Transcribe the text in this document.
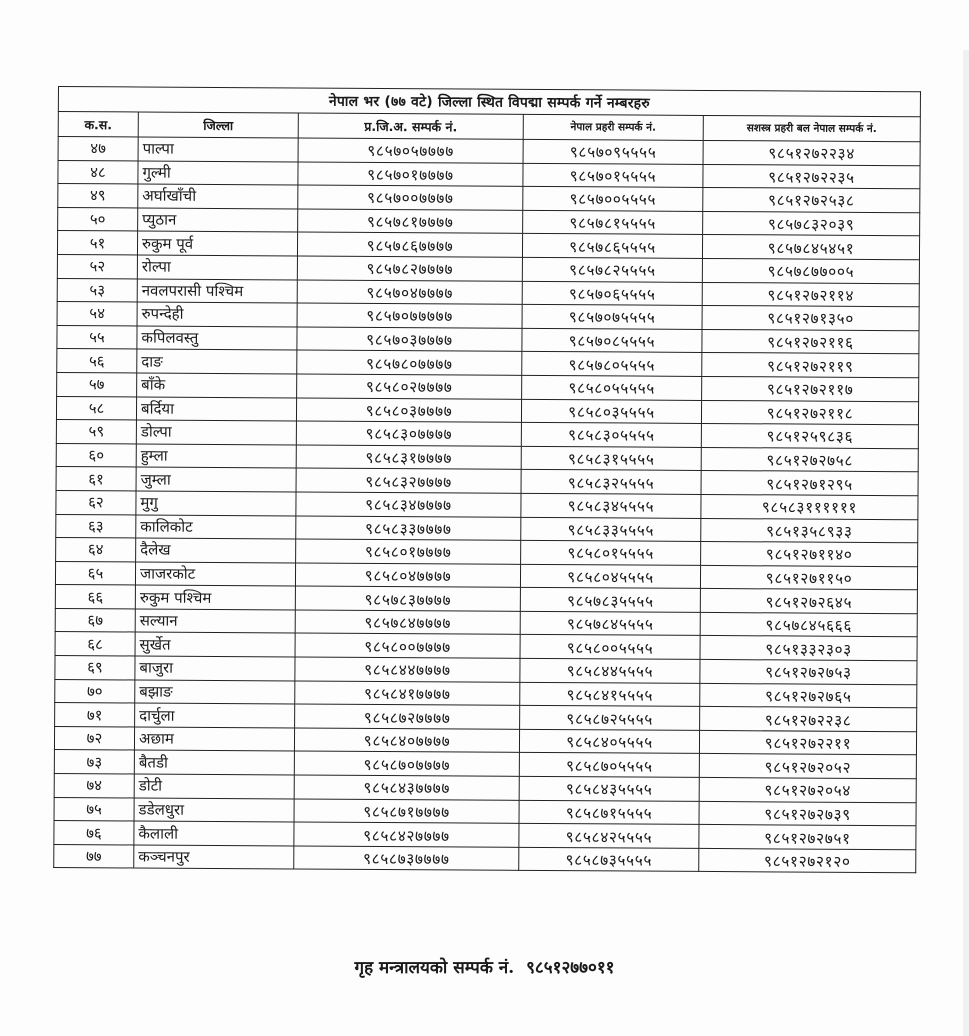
नेपाल भर (७७ वटे) जिल्ला स्थित विपद्मा सम्पर्क गर्ने नम्बरहरु				
क.स.	जिल्ला	प्र.जि.अ. सम्पर्क नं.	नेपाल प्रहरी सम्पर्क नं.	सशस्त्र प्रहरी बल नेपाल सम्पर्क नं.
४७	पाल्पा	९८५७०५७७७७	९८५७०९५५५५	९८५१२७२२३४
४८	गुल्मी	९८५७०१७७७७	९८५७०१५५५५	९८५१२७२२३५
४९	अर्घाखाँची	९८५७००७७७७	९८५७००५५५५	९८५१२७२५३८
५०	प्युठान	९८५७८१७७७७	९८५७८१५५५५	९८५७८३२०३९
५१	रुकुम पूर्व	९८५७८६७७७७	९८५७८६५५५५	९८५७८४५४५१
५२	रोल्पा	९८५७८२७७७७	९८५७८२५५५५	९८५७८७७००५
५३	नवलपरासी पश्चिम	९८५७०४७७७७	९८५७०६५५५५	९८५१२७२११४
५४	रुपन्देही	९८५७०७७७७७	९८५७०७५५५५	९८५१२७१३५०
५५	कपिलवस्तु	९८५७०३७७७७	९८५७०८५५५५	९८५१२७२११६
५६	दाङ	९८५७८०७७७७	९८५७८०५५५५	९८५१२७२११९
५७	बाँके	९८५८०२७७७७	९८५८०५५५५५	९८५१२७२११७
५८	बर्दिया	९८५८०३७७७७	९८५८०३५५५५	९८५१२७२११८
५९	डोल्पा	९८५८३०७७७७	९८५८३०५५५५	९८५१२५९८३६
६०	हुम्ला	९८५८३१७७७७	९८५८३१५५५५	९८५१२७२७५८
६१	जुम्ला	९८५८३२७७७७	९८५८३२५५५५	९८५१२७१२९५
६२	मुगु	९८५८३४७७७७	९८५८३४५५५५	९८५८३११११११
६३	कालिकोट	९८५८३३७७७७	९८५८३३५५५५	९८५१३५८९३३
६४	दैलेख	९८५८०१७७७७	९८५८०१५५५५	९८५१२७११४०
६५	जाजरकोट	९८५८०४७७७७	९८५८०४५५५५	९८५१२७११५०
६६	रुकुम पश्चिम	९८५७८३७७७७	९८५७८३५५५५	९८५१२७२६४५
६७	सल्यान	९८५७८४७७७७	९८५७८४५५५५	९८५७८४५६६६
६८	सुर्खेत	९८५८००७७७७	९८५८००५५५५	९८५१३३२३०३
६९	बाजुरा	९८५८४४७७७७	९८५८४४५५५५	९८५१२७२७५३
७०	बझाङ	९८५८४१७७७७	९८५८४१५५५५	९८५१२७२७६५
७१	दार्चुला	९८५८७२७७७७	९८५८७२५५५५	९८५१२७२२३८
७२	अछाम	९८५८४०७७७७	९८५८४०५५५५	९८५१२७२२११
७३	बैतडी	९८५८७०७७७७	९८५८७०५५५५	९८५१२७२०५२
७४	डोटी	९८५८४३७७७७	९८५८४३५५५५	९८५१२७२०५४
७५	डडेलधुरा	९८५८७१७७७७	९८५८७१५५५५	९८५१२७२७३९
७६	कैलाली	९८५८४२७७७७	९८५८४२५५५५	९८५१२७२७५१
७७	कञ्चनपुर	९८५८७३७७७७	९८५८७३५५५५	९८५१२७२१२०
गृह मन्त्रालयको सम्पर्क नं. ९८५१२७७०११
